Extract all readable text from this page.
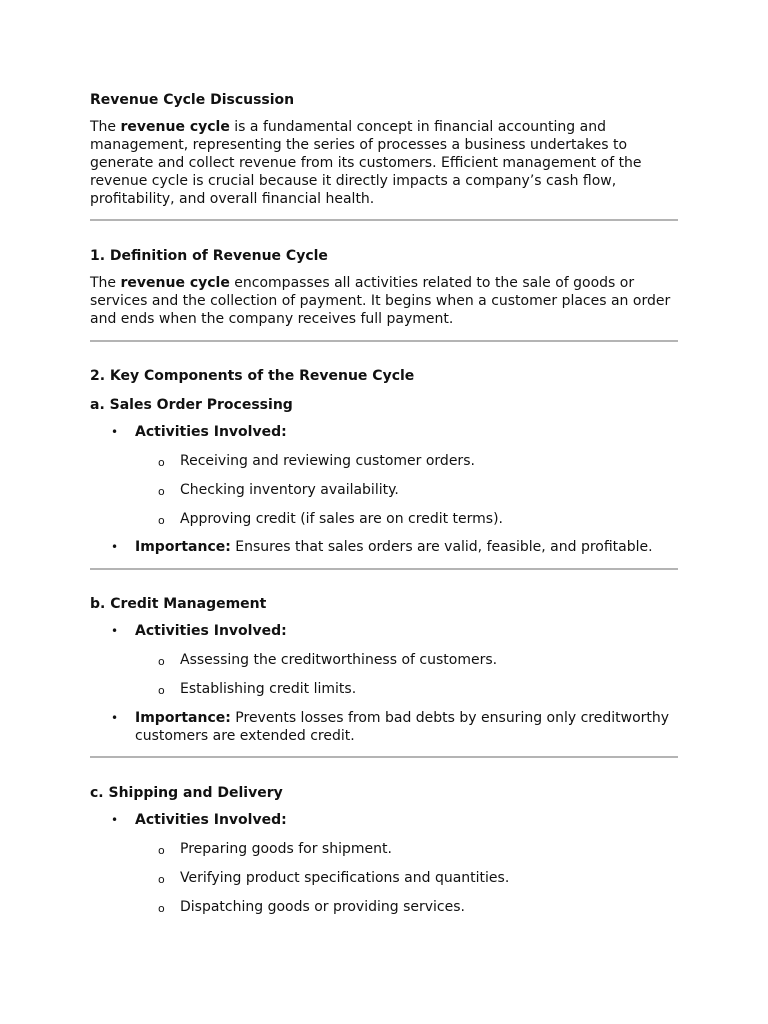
Revenue Cycle Discussion

The revenue cycle is a fundamental concept in financial accounting and management, representing the series of processes a business undertakes to generate and collect revenue from its customers. Efficient management of the revenue cycle is crucial because it directly impacts a company’s cash flow, profitability, and overall financial health.

1. Definition of Revenue Cycle

The revenue cycle encompasses all activities related to the sale of goods or services and the collection of payment. It begins when a customer places an order and ends when the company receives full payment.

2. Key Components of the Revenue Cycle
a. Sales Order Processing
• Activities Involved:
o Receiving and reviewing customer orders.
o Checking inventory availability.
o Approving credit (if sales are on credit terms).
• Importance: Ensures that sales orders are valid, feasible, and profitable.
b. Credit Management
• Activities Involved:
o Assessing the creditworthiness of customers.
o Establishing credit limits.
• Importance: Prevents losses from bad debts by ensuring only creditworthy customers are extended credit.
c. Shipping and Delivery
• Activities Involved:
o Preparing goods for shipment.
o Verifying product specifications and quantities.
o Dispatching goods or providing services.
